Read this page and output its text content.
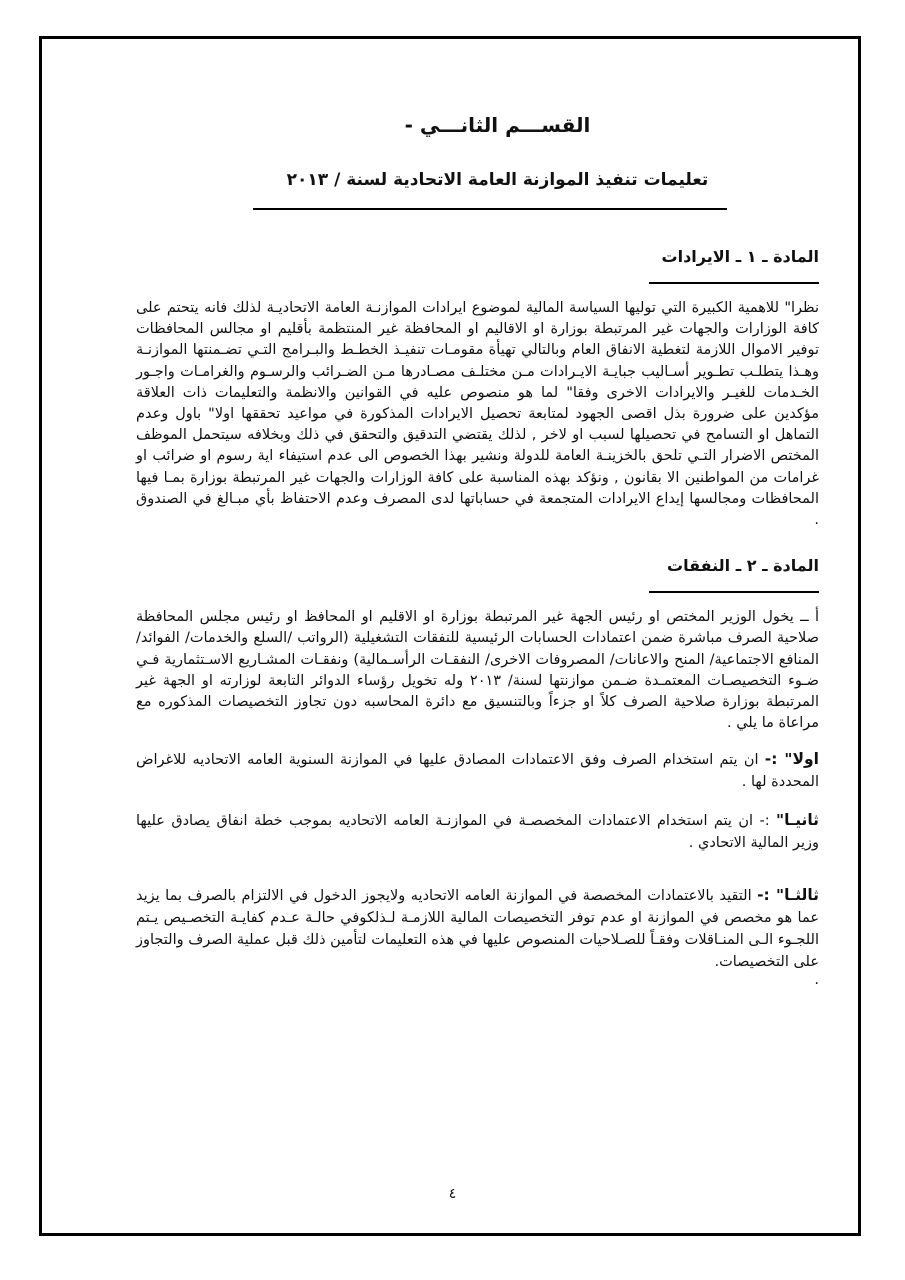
القســـم الثانـــي -
تعليمات تنفيذ الموازنة العامة الاتحادية لسنة / ٢٠١٣
المادة ـ ١ ـ الايرادات

نظرا" للاهمية الكبيرة التي توليها السياسة المالية لموضوع ايرادات الموازنـة العامة الاتحاديـة لذلك فانه يتحتم على كافة الوزارات والجهات غير المرتبطة بوزارة او الاقاليم او المحافظة غير المنتظمة بأقليم او مجالس المحافظات توفير الاموال اللازمة لتغطية الانفاق العام وبالتالي تهيأة مقومـات تنفيـذ الخطـط والبـرامج التـي تضـمنتها الموازنـة وهـذا يتطلـب تطـوير أسـاليب جبايـة الايـرادات مـن مختلـف مصـادرها مـن الضـرائب والرسـوم والغرامـات واجـور الخـدمات للغيـر والايرادات الاخرى وفقا" لما هو منصوص عليه في القوانين والانظمة والتعليمات ذات العلاقة مؤكدين على ضرورة بذل اقصى الجهود لمتابعة تحصيل الايرادات المذكورة في مواعيد تحققها اولا" باول وعدم التماهل او التسامح في تحصيلها لسبب او لاخر , لذلك يقتضي التدقيق والتحقق في ذلك وبخلافه سيتحمل الموظف المختص الاضرار التـي تلحق بالخزينـة العامة للدولة ونشير بهذا الخصوص الى عدم استيفاء اية رسوم او ضرائب او غرامات من المواطنين الا بقانون , ونؤكد بهذه المناسبة على كافة الوزارات والجهات غير المرتبطة بوزارة بمـا فيها المحافظات ومجالسها إيداع الايرادات المتجمعة في حساباتها لدى المصرف وعدم الاحتفاظ بأي مبـالغ في الصندوق .

المادة ـ ٢ ـ النفقات

أ ــ يخول الوزير المختص او رئيس الجهة غير المرتبطة بوزارة او الاقليم او المحافظ او رئيس مجلس المحافظة صلاحية الصرف مباشرة ضمن اعتمادات الحسابات الرئيسية للنفقات التشغيلية (الرواتب /السلع والخدمات/ الفوائد/ المنافع الاجتماعية/ المنح والاعانات/ المصروفات الاخرى/ النفقـات الرأسـمالية) ونفقـات المشـاريع الاسـتثمارية فـي ضـوء التخصيصـات المعتمـدة ضـمن موازنتها لسنة/ ٢٠١٣ وله تخويل رؤساء الدوائر التابعة لوزارته او الجهة غير المرتبطة بوزارة صلاحية الصرف كلاً او جزءاً وبالتنسيق مع دائرة المحاسبه دون تجاوز التخصيصات المذكوره مع مراعاة ما يلي .

اولا" :- ان يتم استخدام الصرف وفق الاعتمادات المصادق عليها في الموازنة السنوية العامه الاتحاديه للاغراض المحددة لها .

ثانيـا" :- ان يتم استخدام الاعتمادات المخصصـة في الموازنـة العامه الاتحاديه بموجب خطة انفاق يصادق عليها وزير المالية الاتحادي .

ثالثـا" :- التقيد بالاعتمادات المخصصة في الموازنة العامه الاتحاديه ولايجوز الدخول في الالتزام بالصرف بما يزيد عما هو مخصص في الموازنة او عدم توفر التخصيصات المالية اللازمـة لـذلكوفي حالـة عـدم كفايـة التخصـيص يـتم اللجـوء الـى المنـاقلات وفقـاً للصـلاحيات المنصوص عليها في هذه التعليمات لتأمين ذلك قبل عملية الصرف والتجاوز على التخصيصات.

.

٤
